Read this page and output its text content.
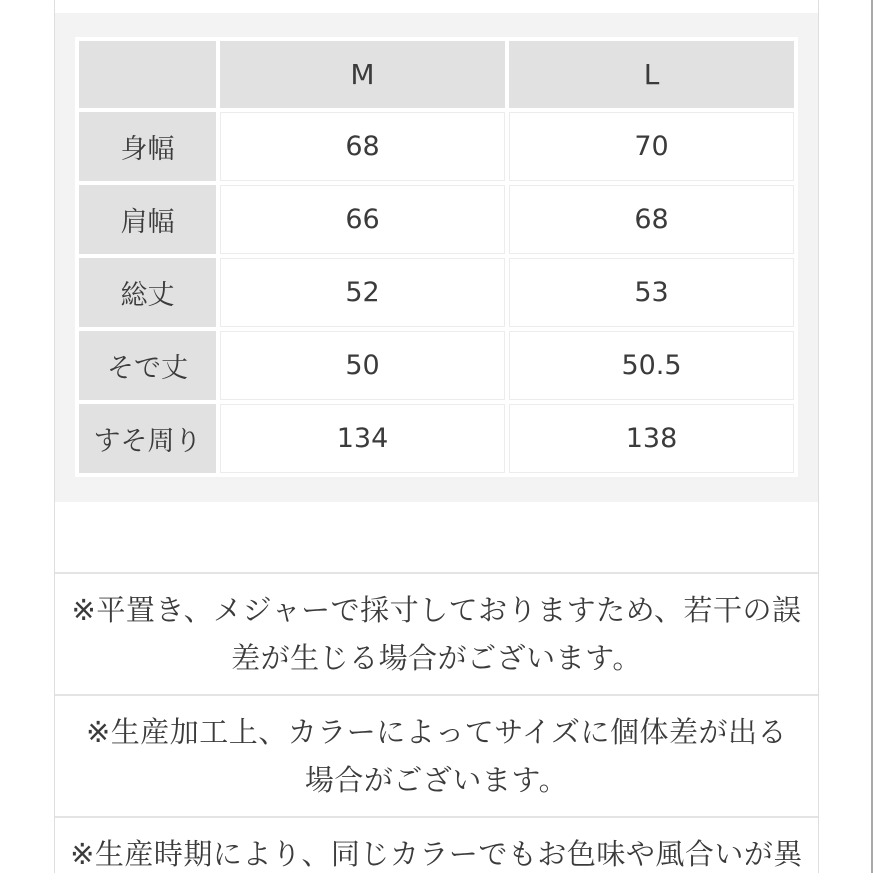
	M	L
身幅	68	70
肩幅	66	68
総丈	52	53
そで丈	50	50.5
すそ周り	134	138
※平置き、メジャーで採寸しておりますため、若干の誤
差が生じる場合がございます。
※生産加工上、カラーによってサイズに個体差が出る
場合がございます。
※生産時期により、同じカラーでもお色味や風合いが異
